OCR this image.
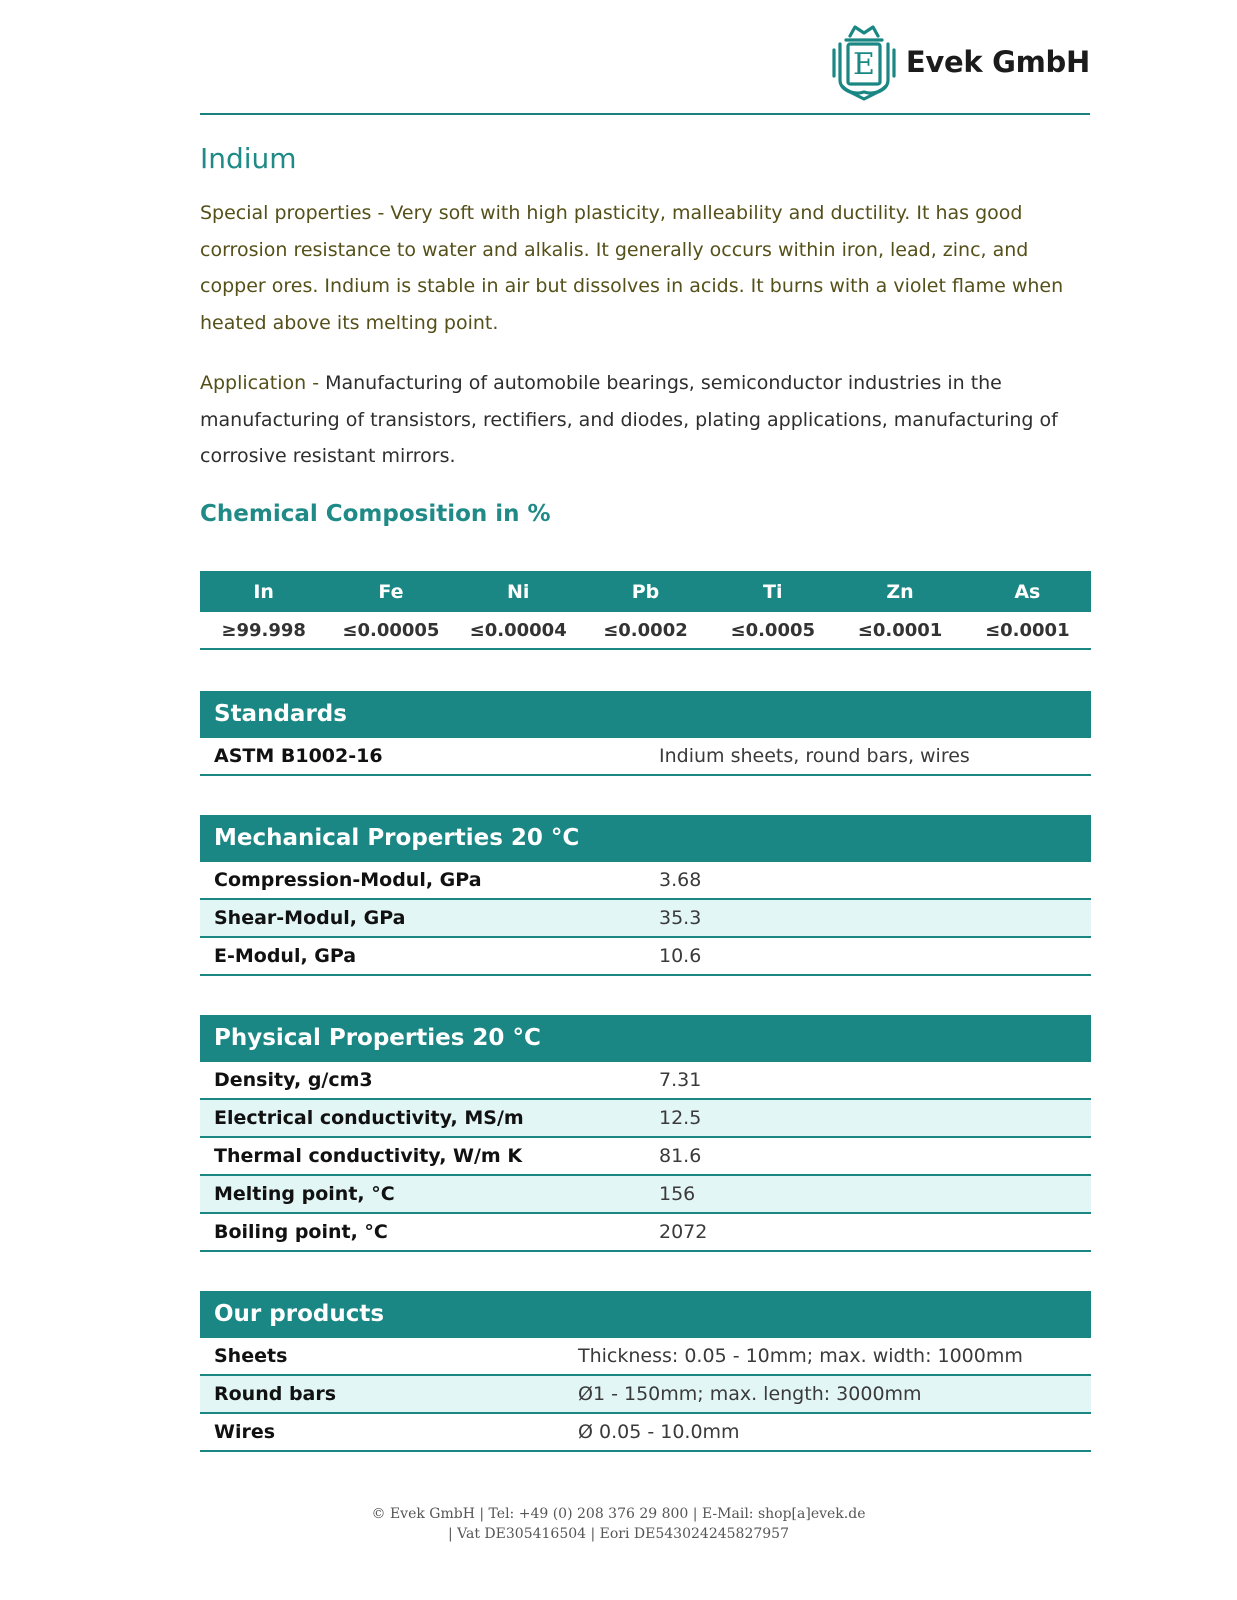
E Evek GmbH
Indium
Special properties - Very soft with high plasticity, malleability and ductility. It has good corrosion resistance to water and alkalis. It generally occurs within iron, lead, zinc, and copper ores. Indium is stable in air but dissolves in acids. It burns with a violet flame when heated above its melting point.
Application - Manufacturing of automobile bearings, semiconductor industries in the manufacturing of transistors, rectifiers, and diodes, plating applications, manufacturing of corrosive resistant mirrors.
Chemical Composition in %
In	Fe	Ni	Pb	Ti	Zn	As
≥99.998	≤0.00005	≤0.00004	≤0.0002	≤0.0005	≤0.0001	≤0.0001
Standards
ASTM B1002-16	Indium sheets, round bars, wires
Mechanical Properties 20 °C	
Compression-Modul, GPa	3.68
Shear-Modul, GPa	35.3
E-Modul, GPa	10.6
Physical Properties 20 °C	
Density, g/cm3	7.31
Electrical conductivity, MS/m	12.5
Thermal conductivity, W/m K	81.6
Melting point, °C	156
Boiling point, °C	2072
Our products	
Sheets	Thickness: 0.05 - 10mm; max. width: 1000mm
Round bars	Ø1 - 150mm; max. length: 3000mm
Wires	Ø 0.05 - 10.0mm
© Evek GmbH | Tel: +49 (0) 208 376 29 800 | E-Mail: shop[a]evek.de
| Vat DE305416504 | Eori DE543024245827957
